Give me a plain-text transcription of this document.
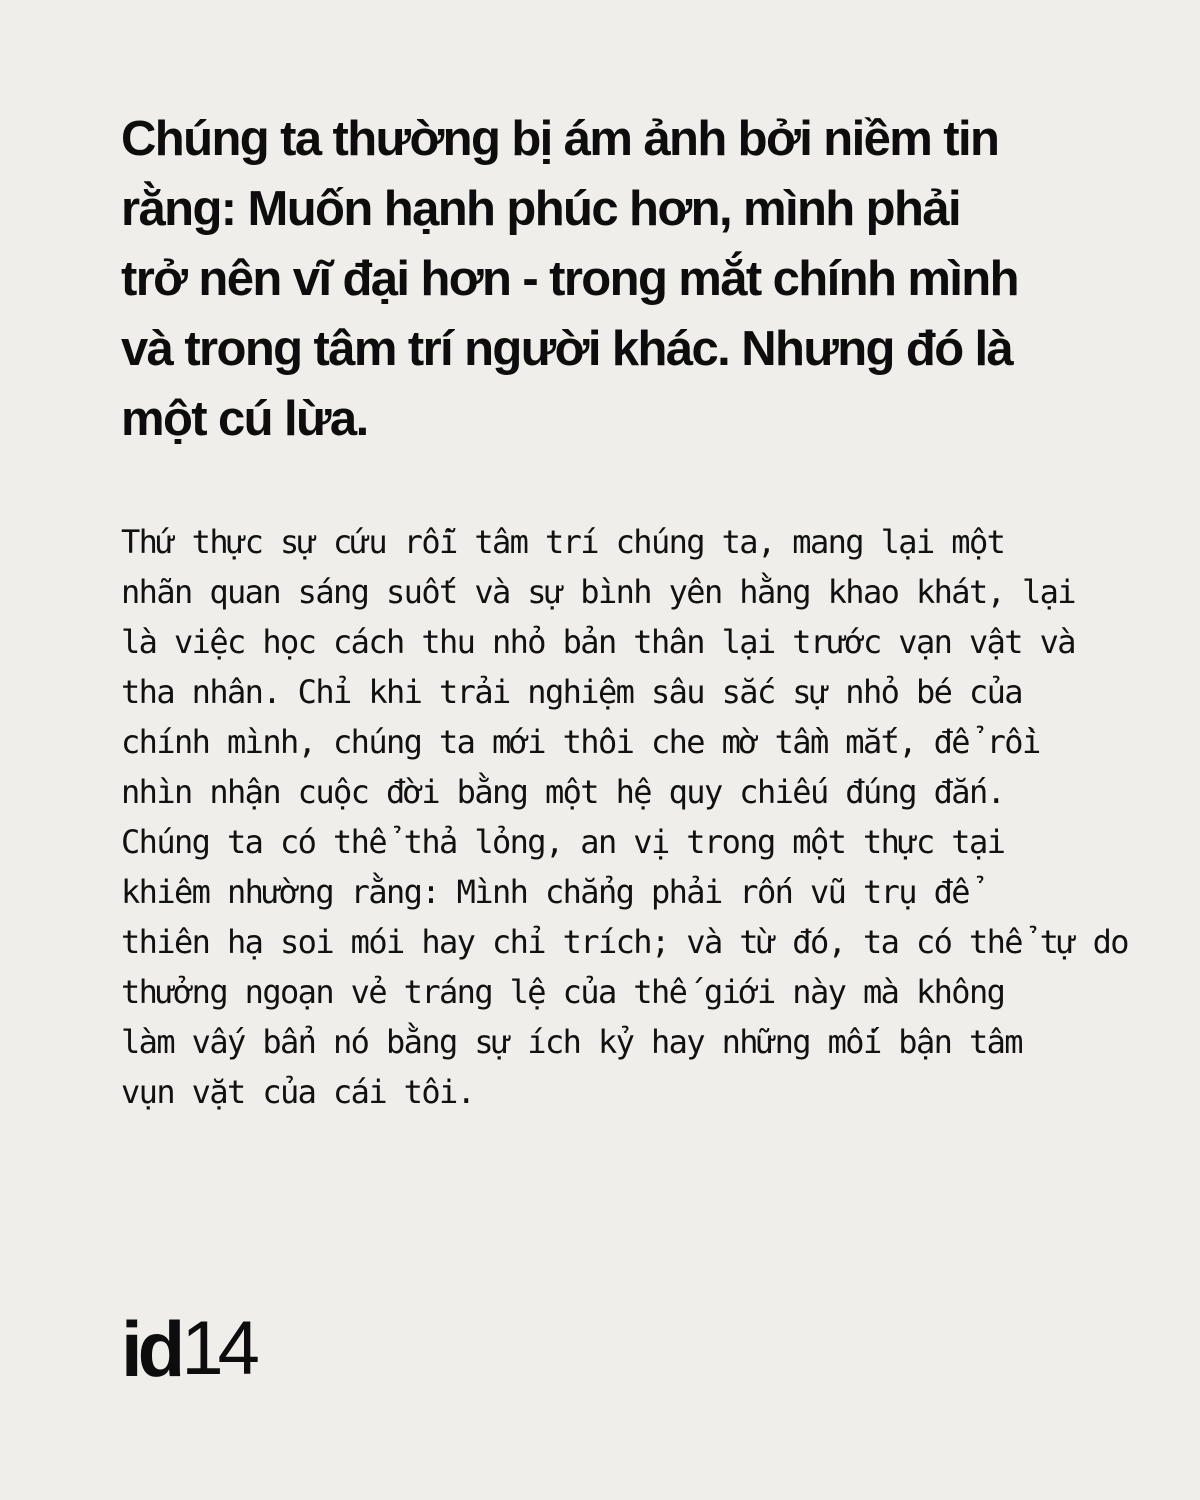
Chúng ta thường bị ám ảnh bởi niềm tin
rằng: Muốn hạnh phúc hơn, mình phải
trở nên vĩ đại hơn - trong mắt chính mình
và trong tâm trí người khác. Nhưng đó là
một cú lừa.

Thứ thực sự cứu rỗi tâm trí chúng ta, mang lại một
nhãn quan sáng suốt và sự bình yên hằng khao khát, lại
là việc học cách thu nhỏ bản thân lại trước vạn vật và
tha nhân. Chỉ khi trải nghiệm sâu sắc sự nhỏ bé của
chính mình, chúng ta mới thôi che mờ tầm mắt, để rồi
nhìn nhận cuộc đời bằng một hệ quy chiếu đúng đắn.
Chúng ta có thể thả lỏng, an vị trong một thực tại
khiêm nhường rằng: Mình chẳng phải rốn vũ trụ để
thiên hạ soi mói hay chỉ trích; và từ đó, ta có thể tự do
thưởng ngoạn vẻ tráng lệ của thế giới này mà không
làm vấy bẩn nó bằng sự ích kỷ hay những mối bận tâm
vụn vặt của cái tôi.

id 14
